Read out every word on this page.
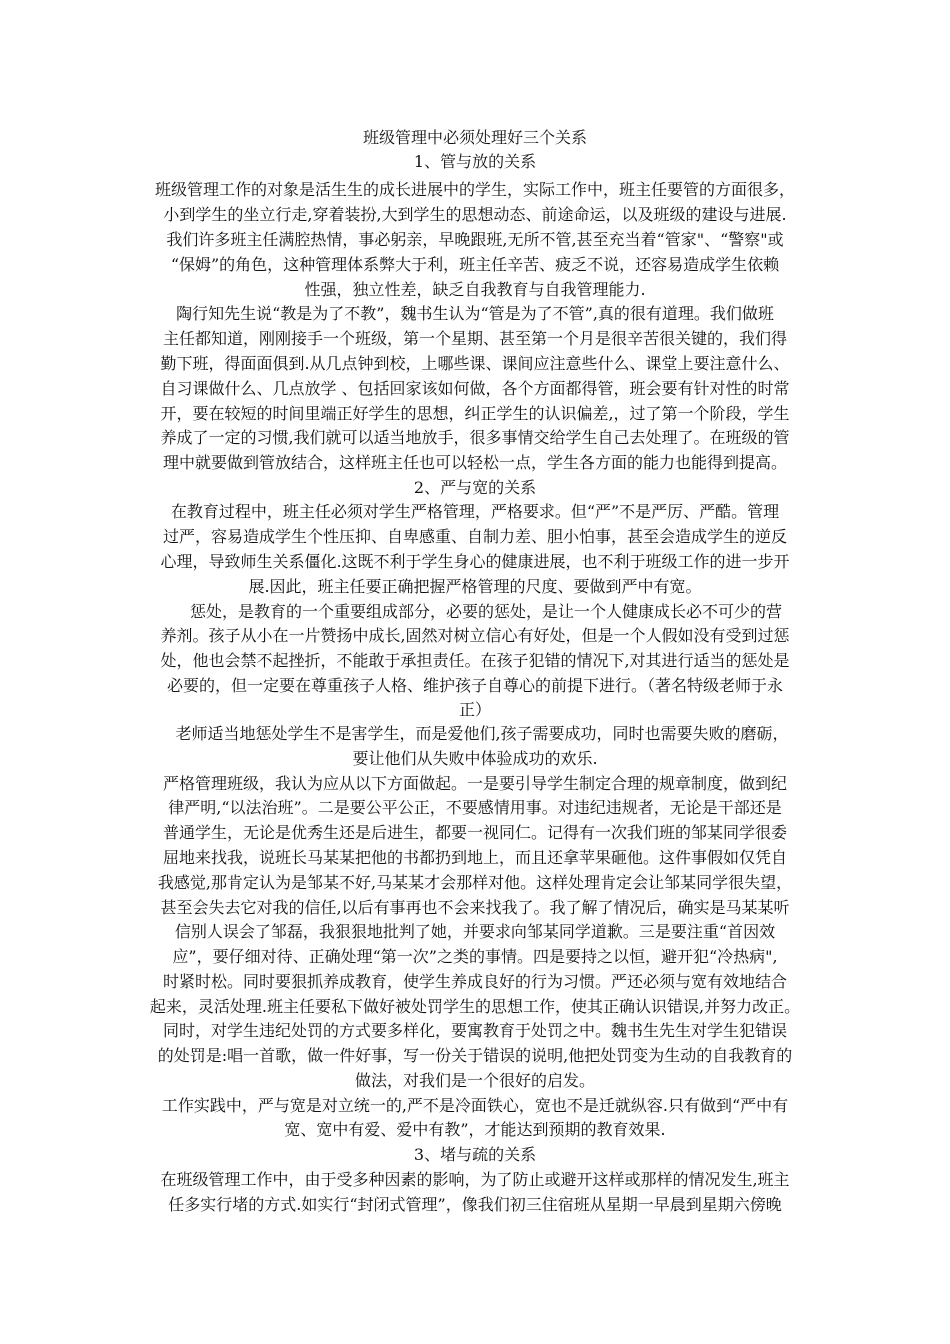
班级管理中必须处理好三个关系
1、管与放的关系
班级管理工作的对象是活生生的成长进展中的学生，实际工作中，班主任要管的方面很多，
小到学生的坐立行走,穿着装扮,大到学生的思想动态、前途命运，以及班级的建设与进展.
我们许多班主任满腔热情，事必躬亲，早晚跟班,无所不管,甚至充当着“管家"、“警察"或
“保姆”的角色，这种管理体系弊大于利，班主任辛苦、疲乏不说，还容易造成学生依赖
性强，独立性差，缺乏自我教育与自我管理能力.
陶行知先生说“教是为了不教”，魏书生认为“管是为了不管”,真的很有道理。我们做班
主任都知道，刚刚接手一个班级，第一个星期、甚至第一个月是很辛苦很关键的，我们得
勤下班，得面面俱到.从几点钟到校，上哪些课、课间应注意些什么、课堂上要注意什么、
自习课做什么、几点放学 、包括回家该如何做，各个方面都得管，班会要有针对性的时常
开，要在较短的时间里端正好学生的思想，纠正学生的认识偏差,，过了第一个阶段，学生
养成了一定的习惯,我们就可以适当地放手，很多事情交给学生自己去处理了。在班级的管
理中就要做到管放结合，这样班主任也可以轻松一点，学生各方面的能力也能得到提高。
2、严与宽的关系
在教育过程中，班主任必须对学生严格管理，严格要求。但“严”不是严厉、严酷。管理
过严，容易造成学生个性压抑、自卑感重、自制力差、胆小怕事，甚至会造成学生的逆反
心理，导致师生关系僵化.这既不利于学生身心的健康进展，也不利于班级工作的进一步开
展.因此，班主任要正确把握严格管理的尺度、要做到严中有宽。
惩处，是教育的一个重要组成部分，必要的惩处，是让一个人健康成长必不可少的营
养剂。孩子从小在一片赞扬中成长,固然对树立信心有好处，但是一个人假如没有受到过惩
处，他也会禁不起挫折，不能敢于承担责任。在孩子犯错的情况下,对其进行适当的惩处是
必要的，但一定要在尊重孩子人格、维护孩子自尊心的前提下进行。（著名特级老师于永
正）
老师适当地惩处学生不是害学生，而是爱他们,孩子需要成功，同时也需要失败的磨砺，
要让他们从失败中体验成功的欢乐.
严格管理班级，我认为应从以下方面做起。一是要引导学生制定合理的规章制度，做到纪
律严明,“以法治班”。二是要公平公正，不要感情用事。对违纪违规者，无论是干部还是
普通学生，无论是优秀生还是后进生，都要一视同仁。记得有一次我们班的邹某同学很委
屈地来找我，说班长马某某把他的书都扔到地上，而且还拿苹果砸他。这件事假如仅凭自
我感觉,那肯定认为是邹某不好,马某某才会那样对他。这样处理肯定会让邹某同学很失望，
甚至会失去它对我的信任,以后有事再也不会来找我了。我了解了情况后，确实是马某某听
信别人误会了邹磊，我狠狠地批判了她，并要求向邹某同学道歉。三是要注重“首因效
应”，要仔细对待、正确处理“第一次”之类的事情。四是要持之以恒，避开犯“冷热病",
时紧时松。同时要狠抓养成教育，使学生养成良好的行为习惯。严还必须与宽有效地结合
起来，灵活处理.班主任要私下做好被处罚学生的思想工作，使其正确认识错误,并努力改正。
同时，对学生违纪处罚的方式要多样化，要寓教育于处罚之中。魏书生先生对学生犯错误
的处罚是:唱一首歌，做一件好事，写一份关于错误的说明,他把处罚变为生动的自我教育的
做法，对我们是一个很好的启发。
工作实践中，严与宽是对立统一的,严不是冷面铁心，宽也不是迁就纵容.只有做到“严中有
宽、宽中有爱、爱中有教”，才能达到预期的教育效果.
3、堵与疏的关系
在班级管理工作中，由于受多种因素的影响，为了防止或避开这样或那样的情况发生,班主
任多实行堵的方式.如实行“封闭式管理”，像我们初三住宿班从星期一早晨到星期六傍晚
